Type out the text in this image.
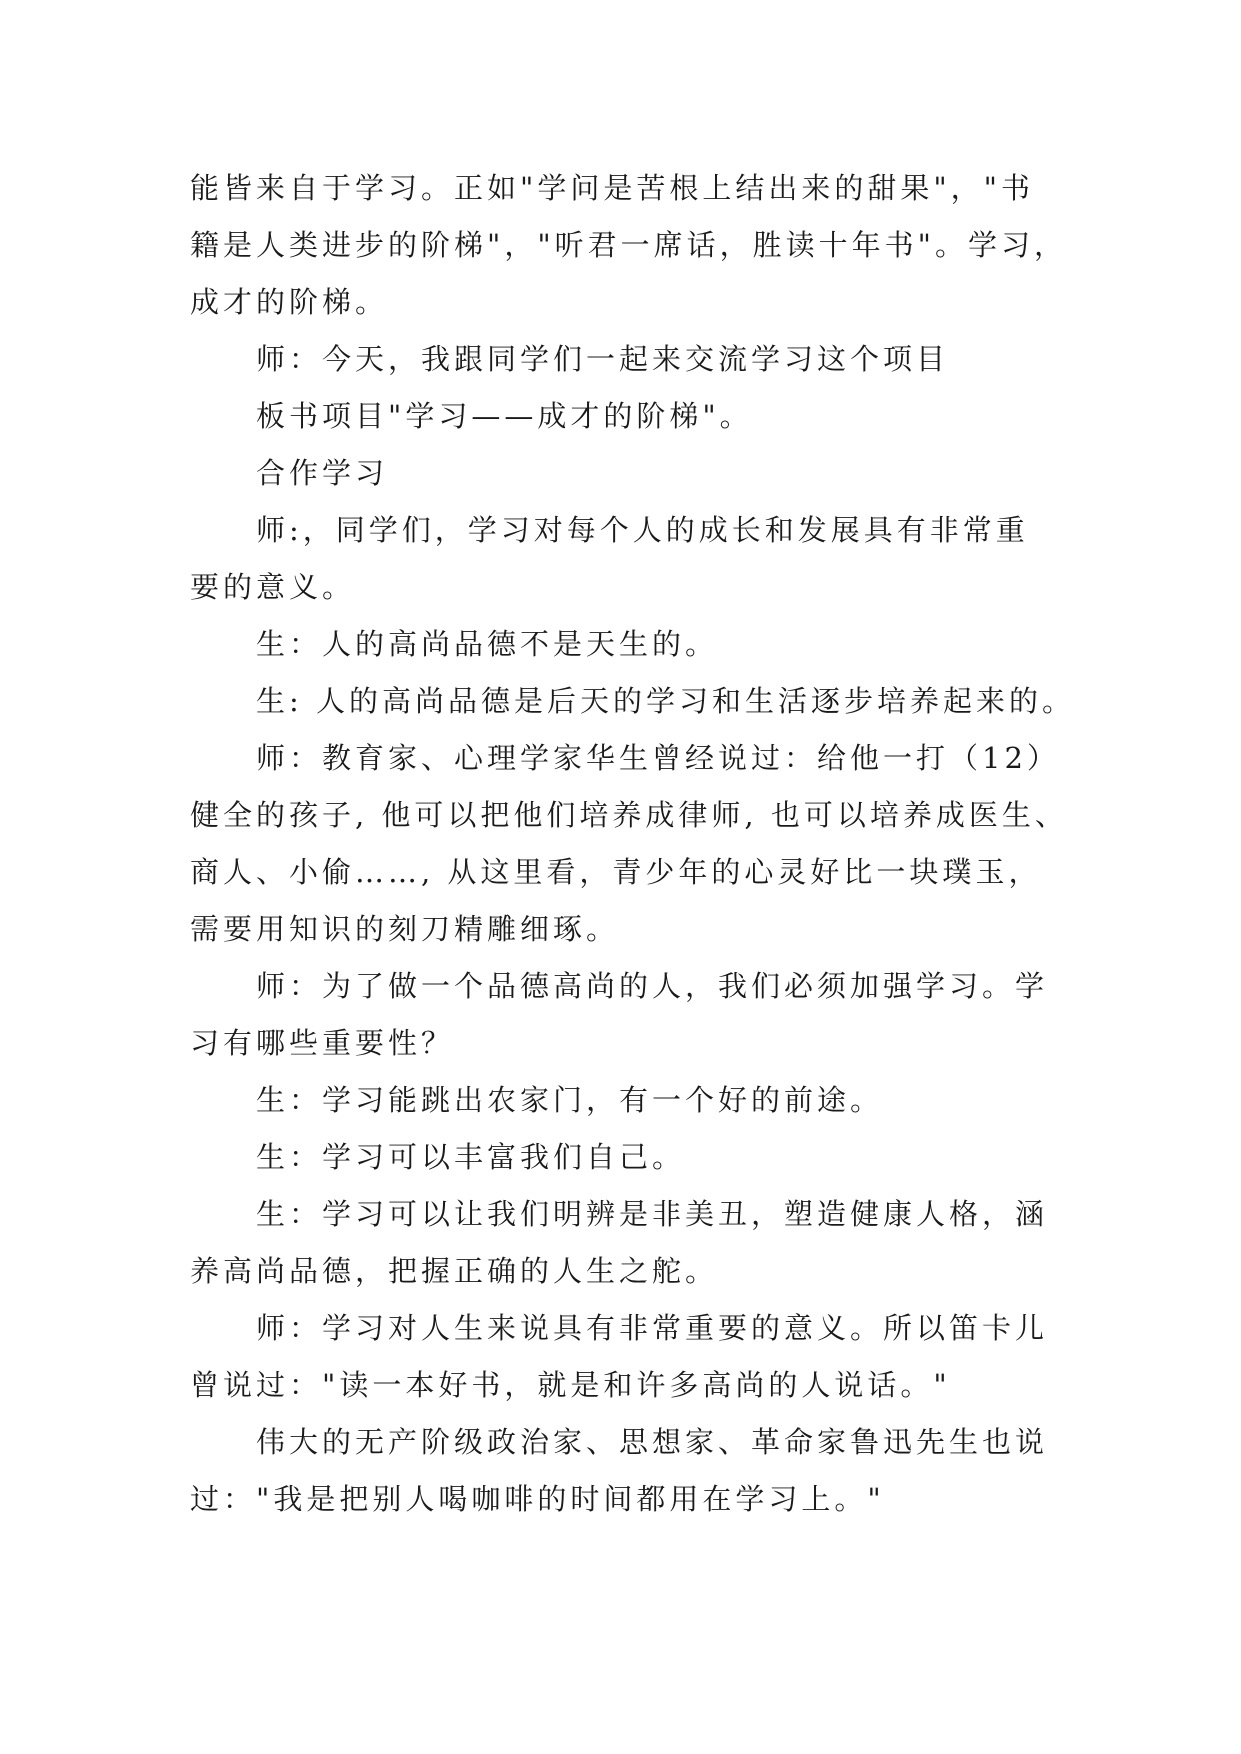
能皆来自于学习。正如"学问是苦根上结出来的甜果"，"书
籍是人类进步的阶梯"，"听君一席话，胜读十年书"。学习，
成才的阶梯。
师：今天，我跟同学们一起来交流学习这个项目
板书项目"学习——成才的阶梯"。
合作学习
师:，同学们，学习对每个人的成长和发展具有非常重
要的意义。
生：人的高尚品德不是天生的。
生: 人的高尚品德是后天的学习和生活逐步培养起来的。
师：教育家、心理学家华生曾经说过：给他一打（12）
健全的孩子, 他可以把他们培养成律师, 也可以培养成医生、
商人、小偷……, 从这里看，青少年的心灵好比一块璞玉，
需要用知识的刻刀精雕细琢。
师：为了做一个品德高尚的人，我们必须加强学习。学
习有哪些重要性？
生：学习能跳出农家门，有一个好的前途。
生：学习可以丰富我们自己。
生：学习可以让我们明辨是非美丑，塑造健康人格，涵
养高尚品德，把握正确的人生之舵。
师：学习对人生来说具有非常重要的意义。所以笛卡儿
曾说过："读一本好书，就是和许多高尚的人说话。"
伟大的无产阶级政治家、思想家、革命家鲁迅先生也说
过："我是把别人喝咖啡的时间都用在学习上。"
